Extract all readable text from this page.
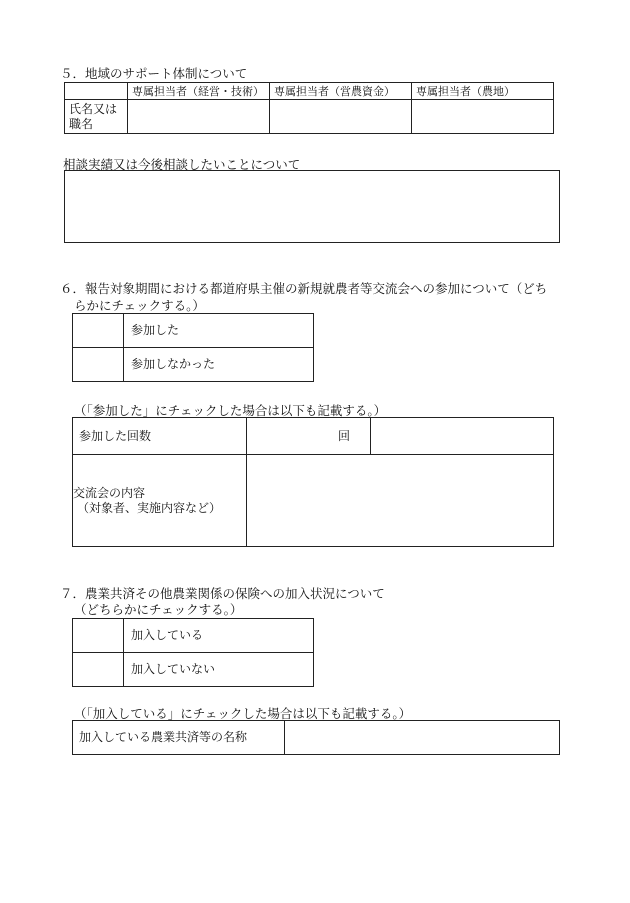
５．地域のサポート体制について
	専属担当者（経営・技術）	専属担当者（営農資金）	専属担当者（農地）

氏名又は
職名			

相談実績又は今後相談したいことについて
６．報告対象期間における都道府県主催の新規就農者等交流会への参加について（どち
らかにチェックする。）
	参加した
	参加しなかった
（「参加した」にチェックした場合は以下も記載する。）
参加した回数	回	

交流会の内容
（対象者、実施内容など）		

７．農業共済その他農業関係の保険への加入状況について
（どちらかにチェックする。）
	加入している
	加入していない
（「加入している」にチェックした場合は以下も記載する。）
加入している農業共済等の名称	
